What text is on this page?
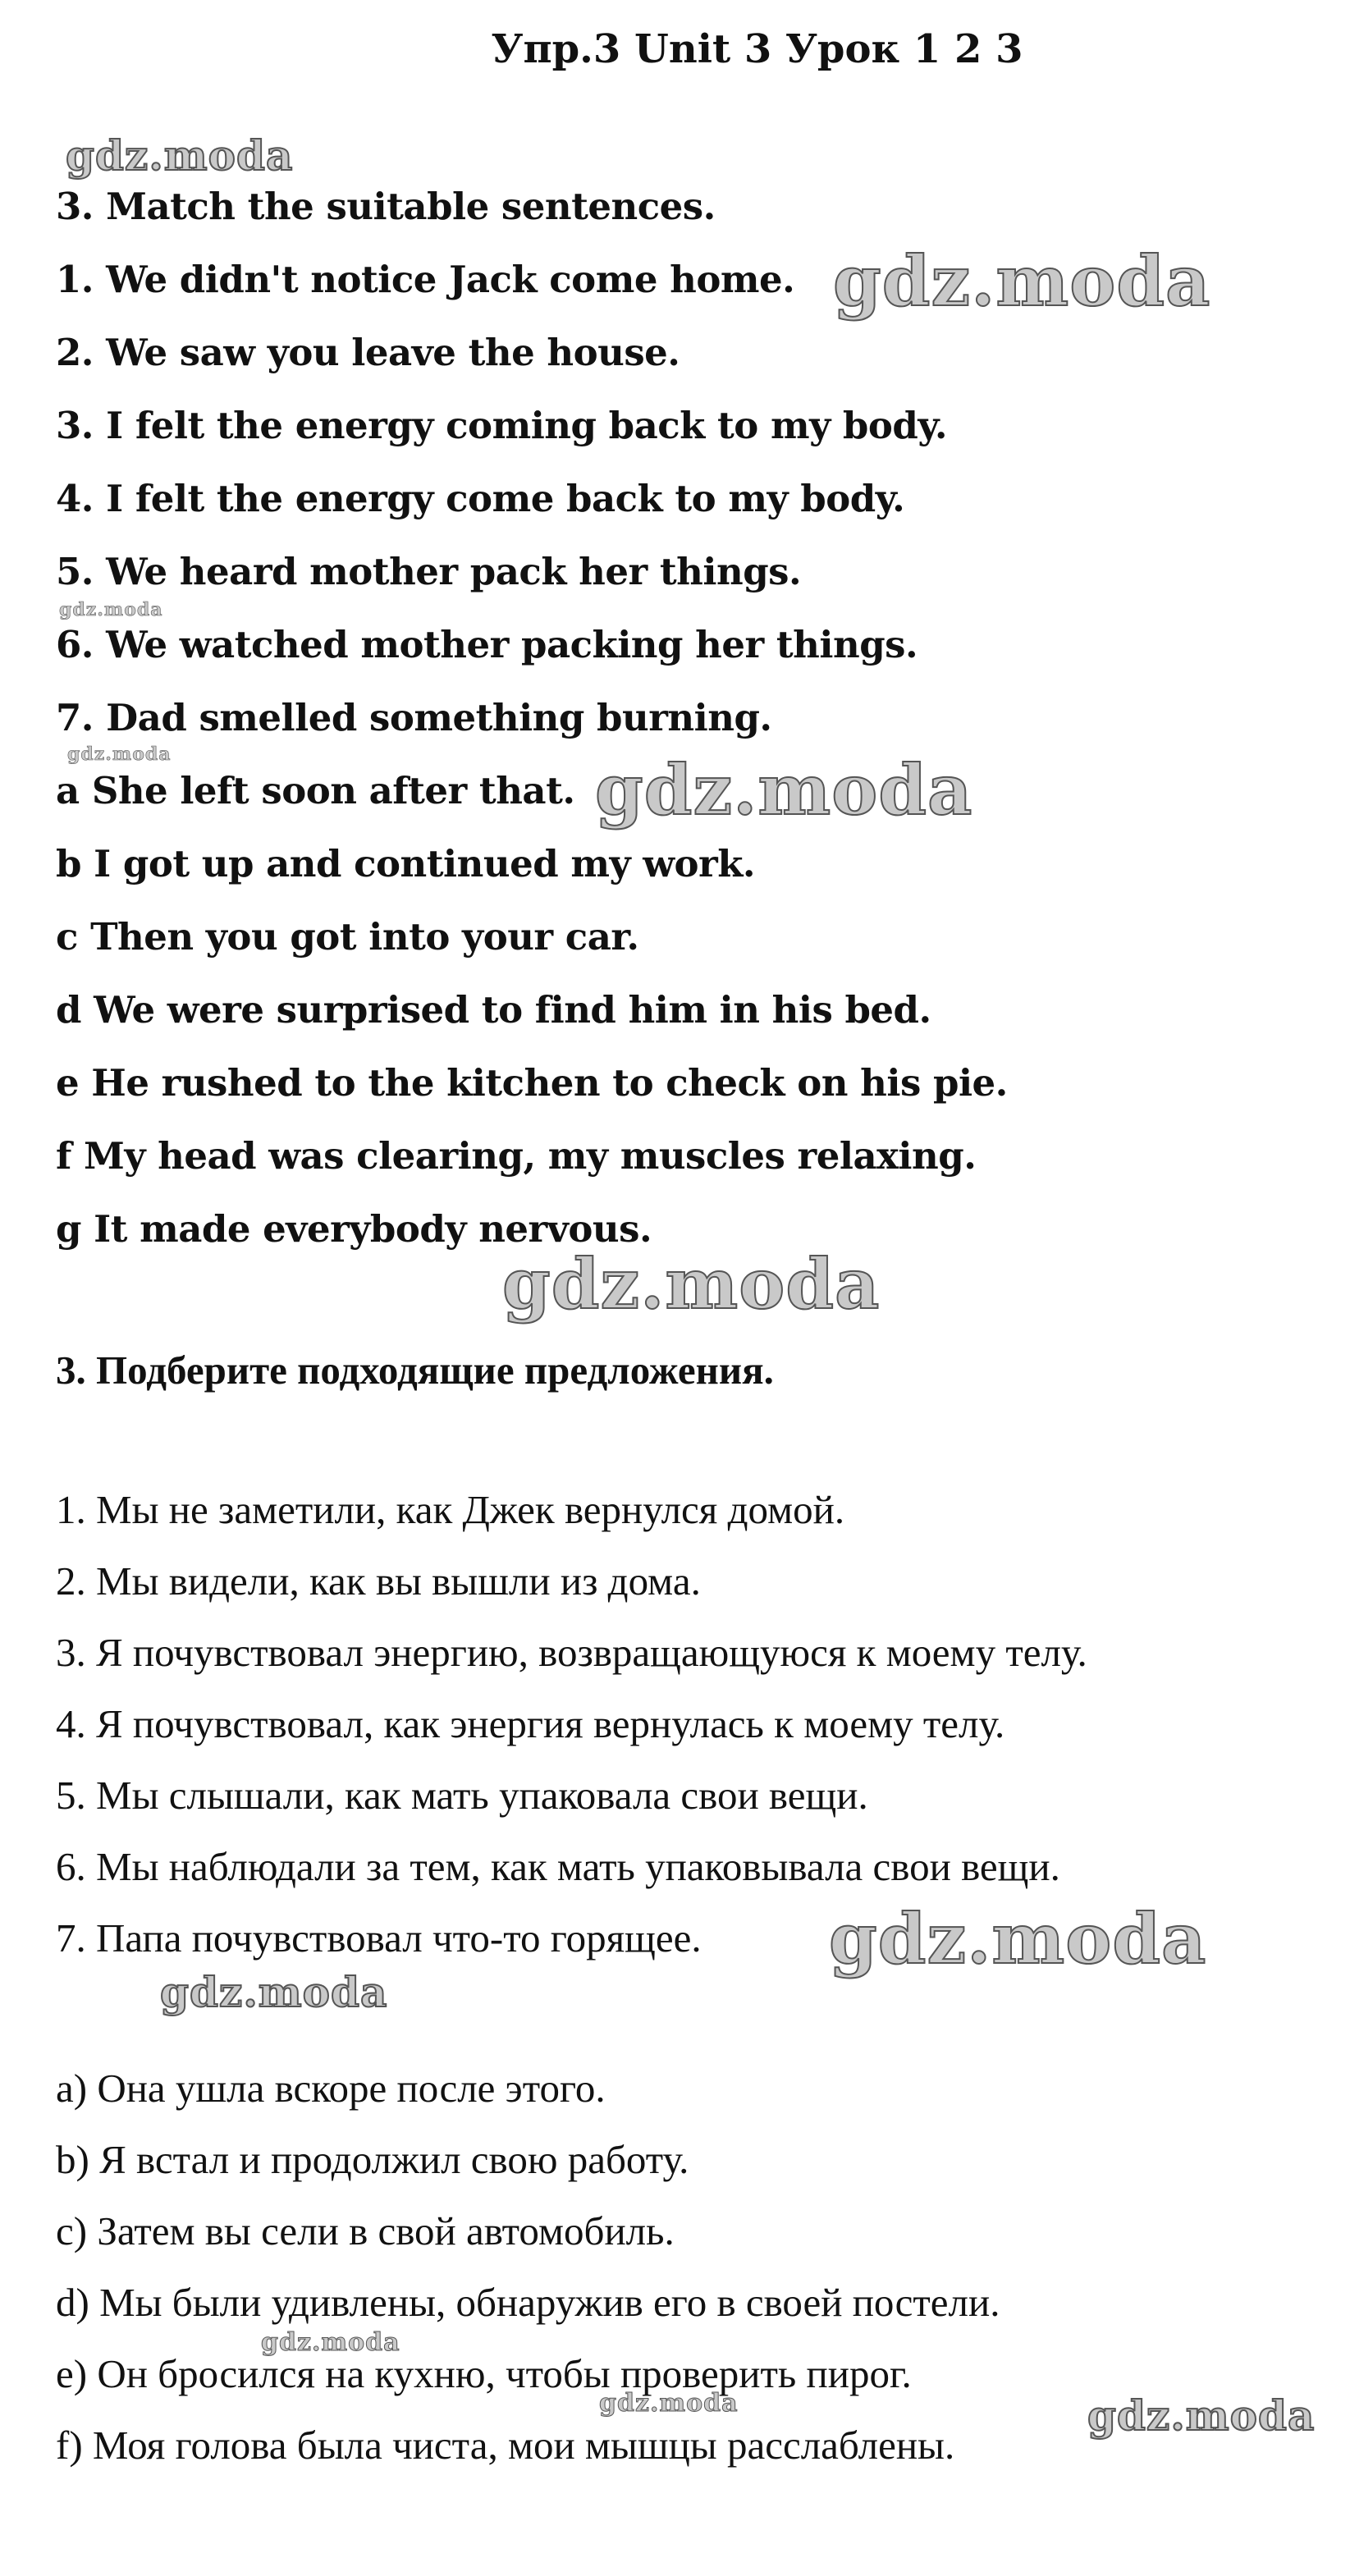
Упр.3 Unit 3 Урок 1 2 3
3. Match the suitable sentences.
1. We didn't notice Jack come home.
2. We saw you leave the house.
3. I felt the energy coming back to my body.
4. I felt the energy come back to my body.
5. We heard mother pack her things.
6. We watched mother packing her things.
7. Dad smelled something burning.
a She left soon after that.
b I got up and continued my work.
c Then you got into your car.
d We were surprised to find him in his bed.
e He rushed to the kitchen to check on his pie.
f My head was clearing, my muscles relaxing.
g It made everybody nervous.
3. Подберите подходящие предложения.
1. Мы не заметили, как Джек вернулся домой.
2. Мы видели, как вы вышли из дома.
3. Я почувствовал энергию, возвращающуюся к моему телу.
4. Я почувствовал, как энергия вернулась к моему телу.
5. Мы слышали, как мать упаковала свои вещи.
6. Мы наблюдали за тем, как мать упаковывала свои вещи.
7. Папа почувствовал что-то горящее.
a) Она ушла вскоре после этого.
b) Я встал и продолжил свою работу.
c) Затем вы сели в свой автомобиль.
d) Мы были удивлены, обнаружив его в своей постели.
e) Он бросился на кухню, чтобы проверить пирог.
f) Моя голова была чиста, мои мышцы расслаблены.
gdz.moda
gdz.moda
gdz.moda
gdz.moda	gdz.moda
gdz.moda
gdz.moda
gdz.moda
gdz.moda
gdz.moda	gdz.moda
